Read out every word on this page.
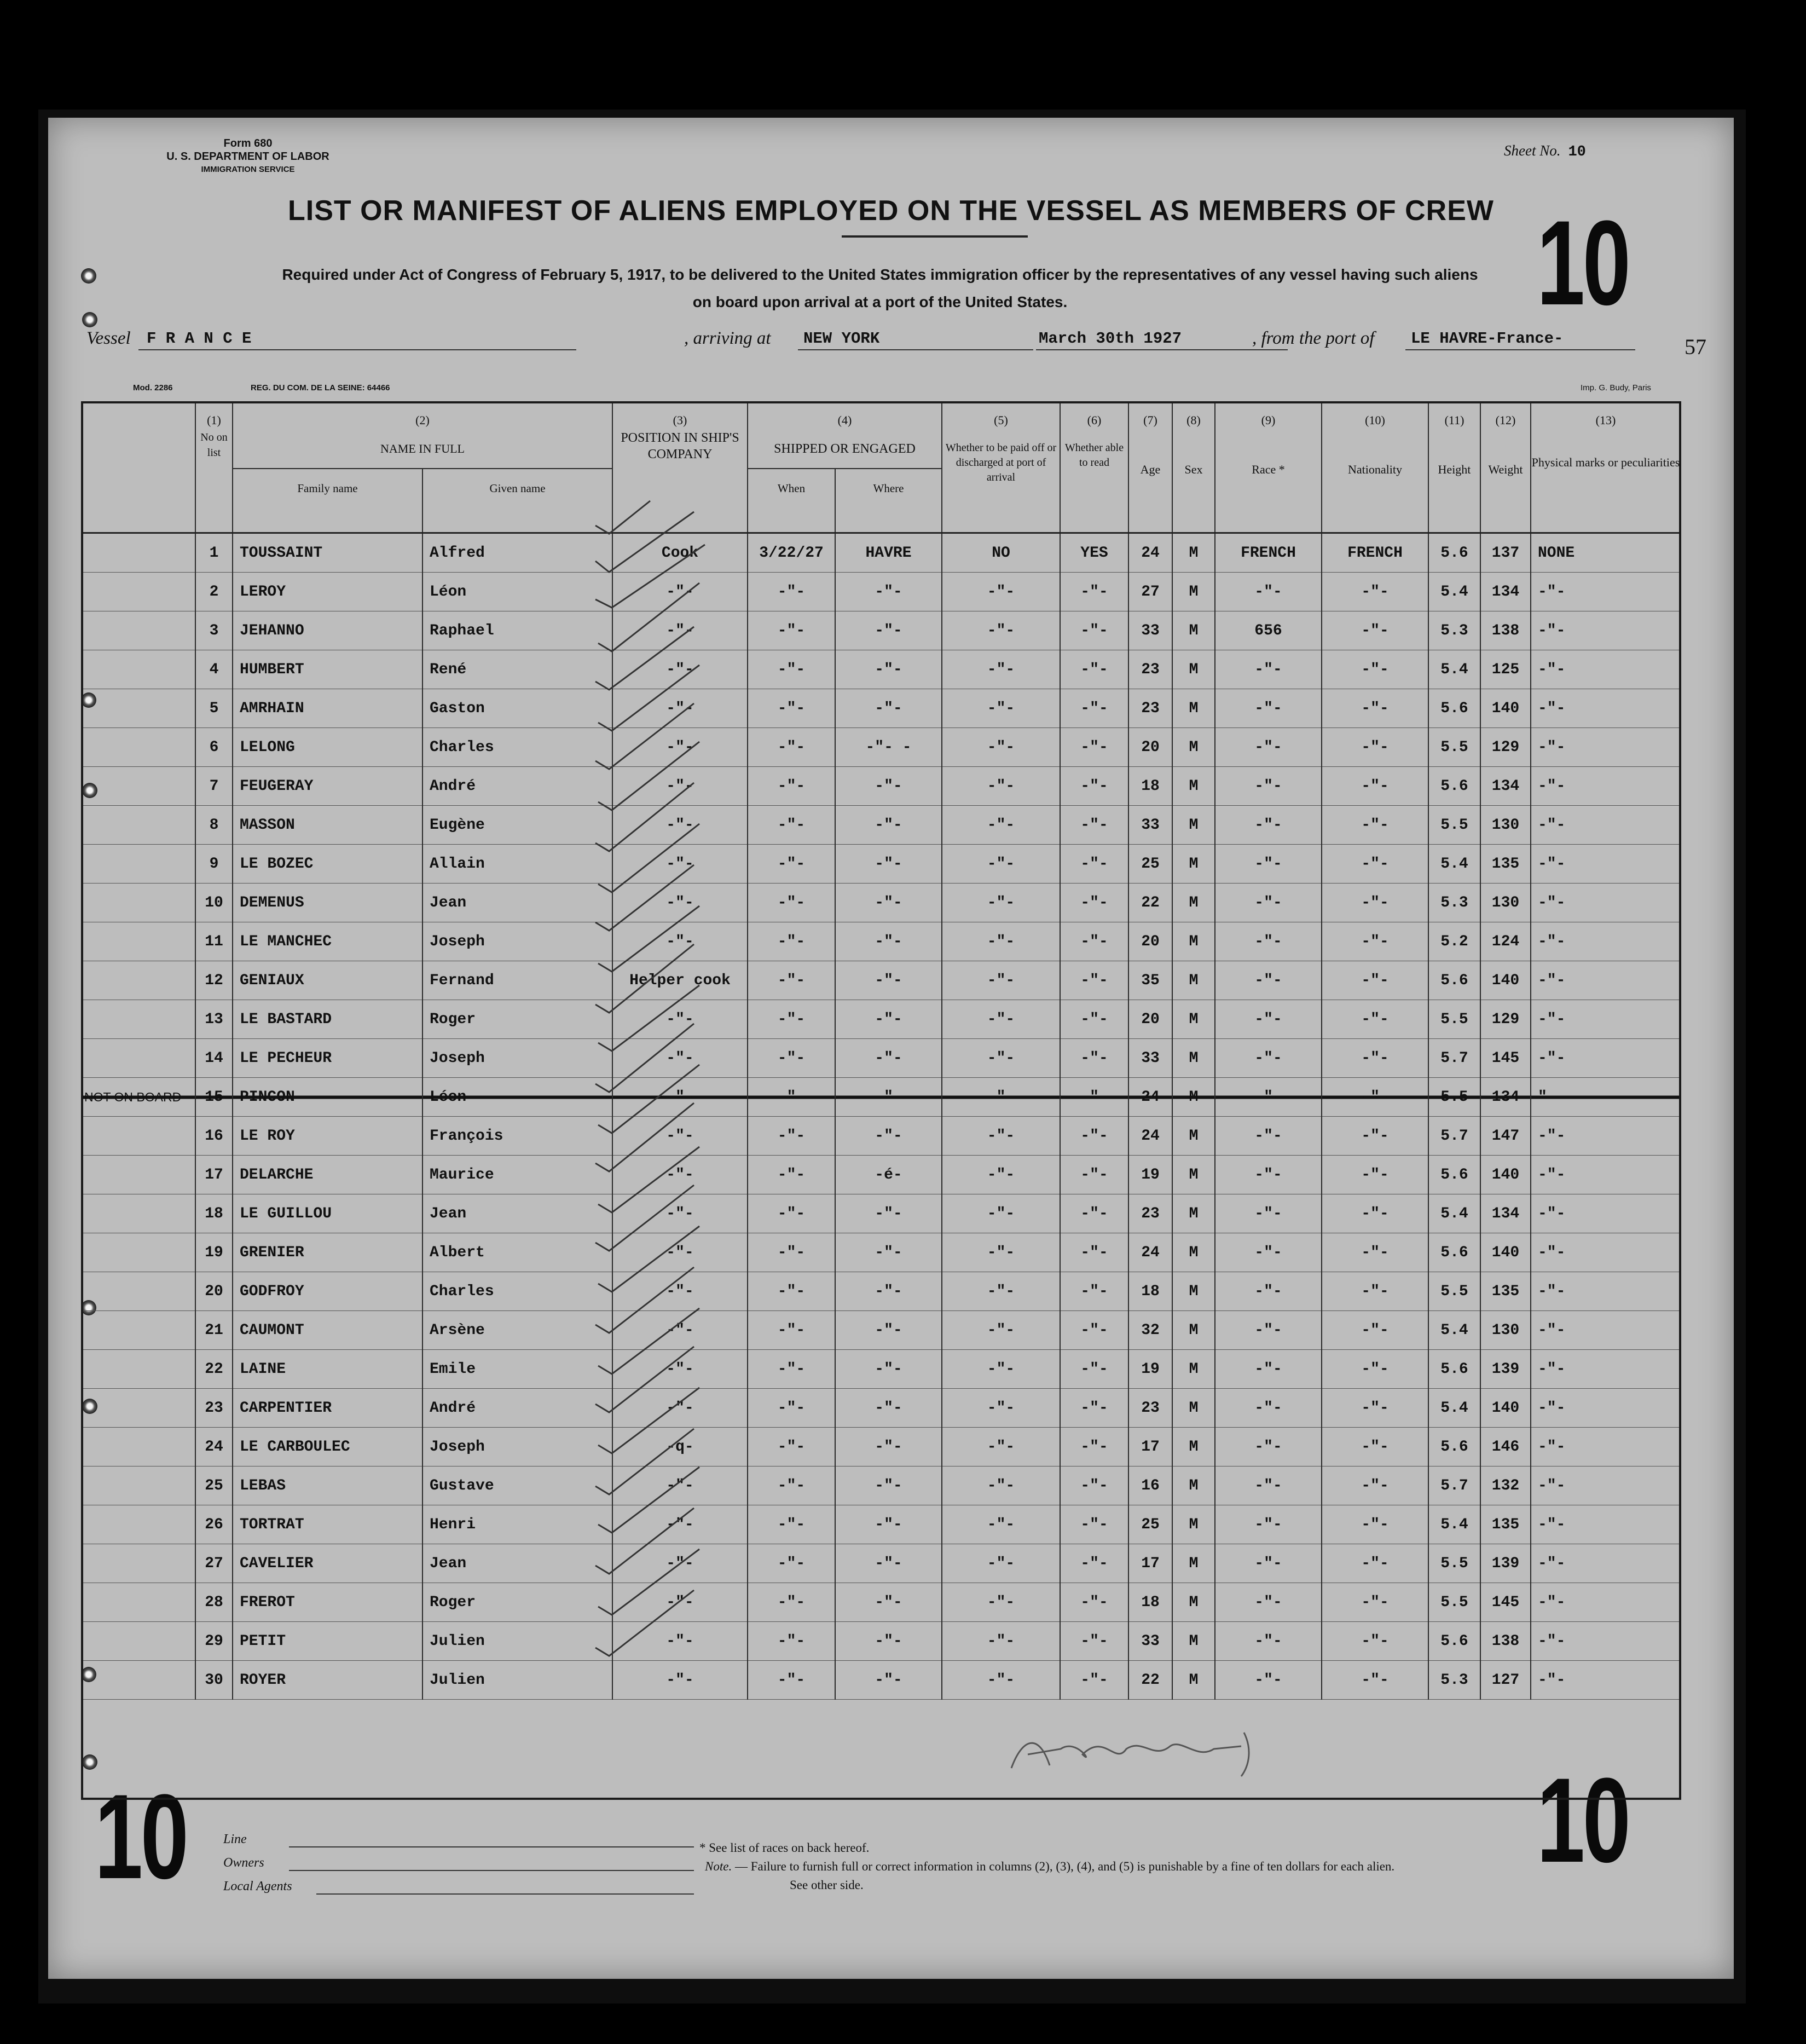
Form 680
U. S. DEPARTMENT OF LABOR
IMMIGRATION SERVICE
Sheet No. 10
LIST OR MANIFEST OF ALIENS EMPLOYED ON THE VESSEL AS MEMBERS OF CREW
Required under Act of Congress of February 5, 1917, to be delivered to the United States immigration officer by the representatives of any vessel having such aliens
on board upon arrival at a port of the United States.	10
10	10
Vessel F R A N C E	, arriving at NEW YORK	March 30th 1927	, from the port of LE HAVRE-France-	57
Mod. 2286	REG. DU COM. DE LA SEINE: 64466	Imp. G. Budy, Paris
	(1)	(2)		(3)	(4)		(5)	(6)	(7)	(8)	(9)	(10)	(11)	(12)	(13)
	No on list	NAME IN FULL		POSITION IN SHIP'S COMPANY	SHIPPED OR ENGAGED		Whether to be paid off or discharged at port of arrival	Whether able to read	Age	Sex	Race *	Nationality	Height	Weight	Physical marks or peculiarities
		Family name	Given name		When	Where									

	1	TOUSSAINT	Alfred	Cook	3/22/27	HAVRE	NO	YES	24	M	FRENCH	FRENCH	5.6	137	NONE
	2	LEROY	Léon	-"-	-"-	-"-	-"-	-"-	27	M	-"-	-"-	5.4	134	-"-
	3	JEHANNO	Raphael	-"-	-"-	-"-	-"-	-"-	33	M	656	-"-	5.3	138	-"-
	4	HUMBERT	René	-"-	-"-	-"-	-"-	-"-	23	M	-"-	-"-	5.4	125	-"-
	5	AMRHAIN	Gaston	-"-	-"-	-"-	-"-	-"-	23	M	-"-	-"-	5.6	140	-"-
	6	LELONG	Charles	-"-	-"-	-"- -	-"-	-"-	20	M	-"-	-"-	5.5	129	-"-
	7	FEUGERAY	André	-"-	-"-	-"-	-"-	-"-	18	M	-"-	-"-	5.6	134	-"-
	8	MASSON	Eugène	-"-	-"-	-"-	-"-	-"-	33	M	-"-	-"-	5.5	130	-"-
	9	LE BOZEC	Allain	-"-	-"-	-"-	-"-	-"-	25	M	-"-	-"-	5.4	135	-"-
	10	DEMENUS	Jean	-"-	-"-	-"-	-"-	-"-	22	M	-"-	-"-	5.3	130	-"-
	11	LE MANCHEC	Joseph	-"-	-"-	-"-	-"-	-"-	20	M	-"-	-"-	5.2	124	-"-
	12	GENIAUX	Fernand	Helper cook	-"-	-"-	-"-	-"-	35	M	-"-	-"-	5.6	140	-"-
	13	LE BASTARD	Roger	-"-	-"-	-"-	-"-	-"-	20	M	-"-	-"-	5.5	129	-"-
	14	LE PECHEUR	Joseph	-"-	-"-	-"-	-"-	-"-	33	M	-"-	-"-	5.7	145	-"-
NOT ON BOARD	15	PINCON	Léon	-"-	"	"	"	"	24	M	-"-	-"-	5.5	134	"
	16	LE ROY	François	-"-	-"-	-"-	-"-	-"-	24	M	-"-	-"-	5.7	147	-"-
	17	DELARCHE	Maurice	-"-	-"-	-é-	-"-	-"-	19	M	-"-	-"-	5.6	140	-"-
	18	LE GUILLOU	Jean	-"-	-"-	-"-	-"-	-"-	23	M	-"-	-"-	5.4	134	-"-
	19	GRENIER	Albert	-"-	-"-	-"-	-"-	-"-	24	M	-"-	-"-	5.6	140	-"-
	20	GODFROY	Charles	-"-	-"-	-"-	-"-	-"-	18	M	-"-	-"-	5.5	135	-"-
	21	CAUMONT	Arsène	-"-	-"-	-"-	-"-	-"-	32	M	-"-	-"-	5.4	130	-"-
	22	LAINE	Emile	-"-	-"-	-"-	-"-	-"-	19	M	-"-	-"-	5.6	139	-"-
	23	CARPENTIER	André	-"-	-"-	-"-	-"-	-"-	23	M	-"-	-"-	5.4	140	-"-
	24	LE CARBOULEC	Joseph	-q-	-"-	-"-	-"-	-"-	17	M	-"-	-"-	5.6	146	-"-
	25	LEBAS	Gustave	-"-	-"-	-"-	-"-	-"-	16	M	-"-	-"-	5.7	132	-"-
	26	TORTRAT	Henri	-"-	-"-	-"-	-"-	-"-	25	M	-"-	-"-	5.4	135	-"-
	27	CAVELIER	Jean	-"-	-"-	-"-	-"-	-"-	17	M	-"-	-"-	5.5	139	-"-
	28	FREROT	Roger	-"-	-"-	-"-	-"-	-"-	18	M	-"-	-"-	5.5	145	-"-
	29	PETIT	Julien	-"-	-"-	-"-	-"-	-"-	33	M	-"-	-"-	5.6	138	-"-
	30	ROYER	Julien	-"-	-"-	-"-	-"-	-"-	22	M	-"-	-"-	5.3	127	-"-
Line
Owners
Local Agents
* See list of races on back hereof.
Note. — Failure to furnish full or correct information in columns (2), (3), (4), and (5) is punishable by a fine of ten dollars for each alien.
See other side.
